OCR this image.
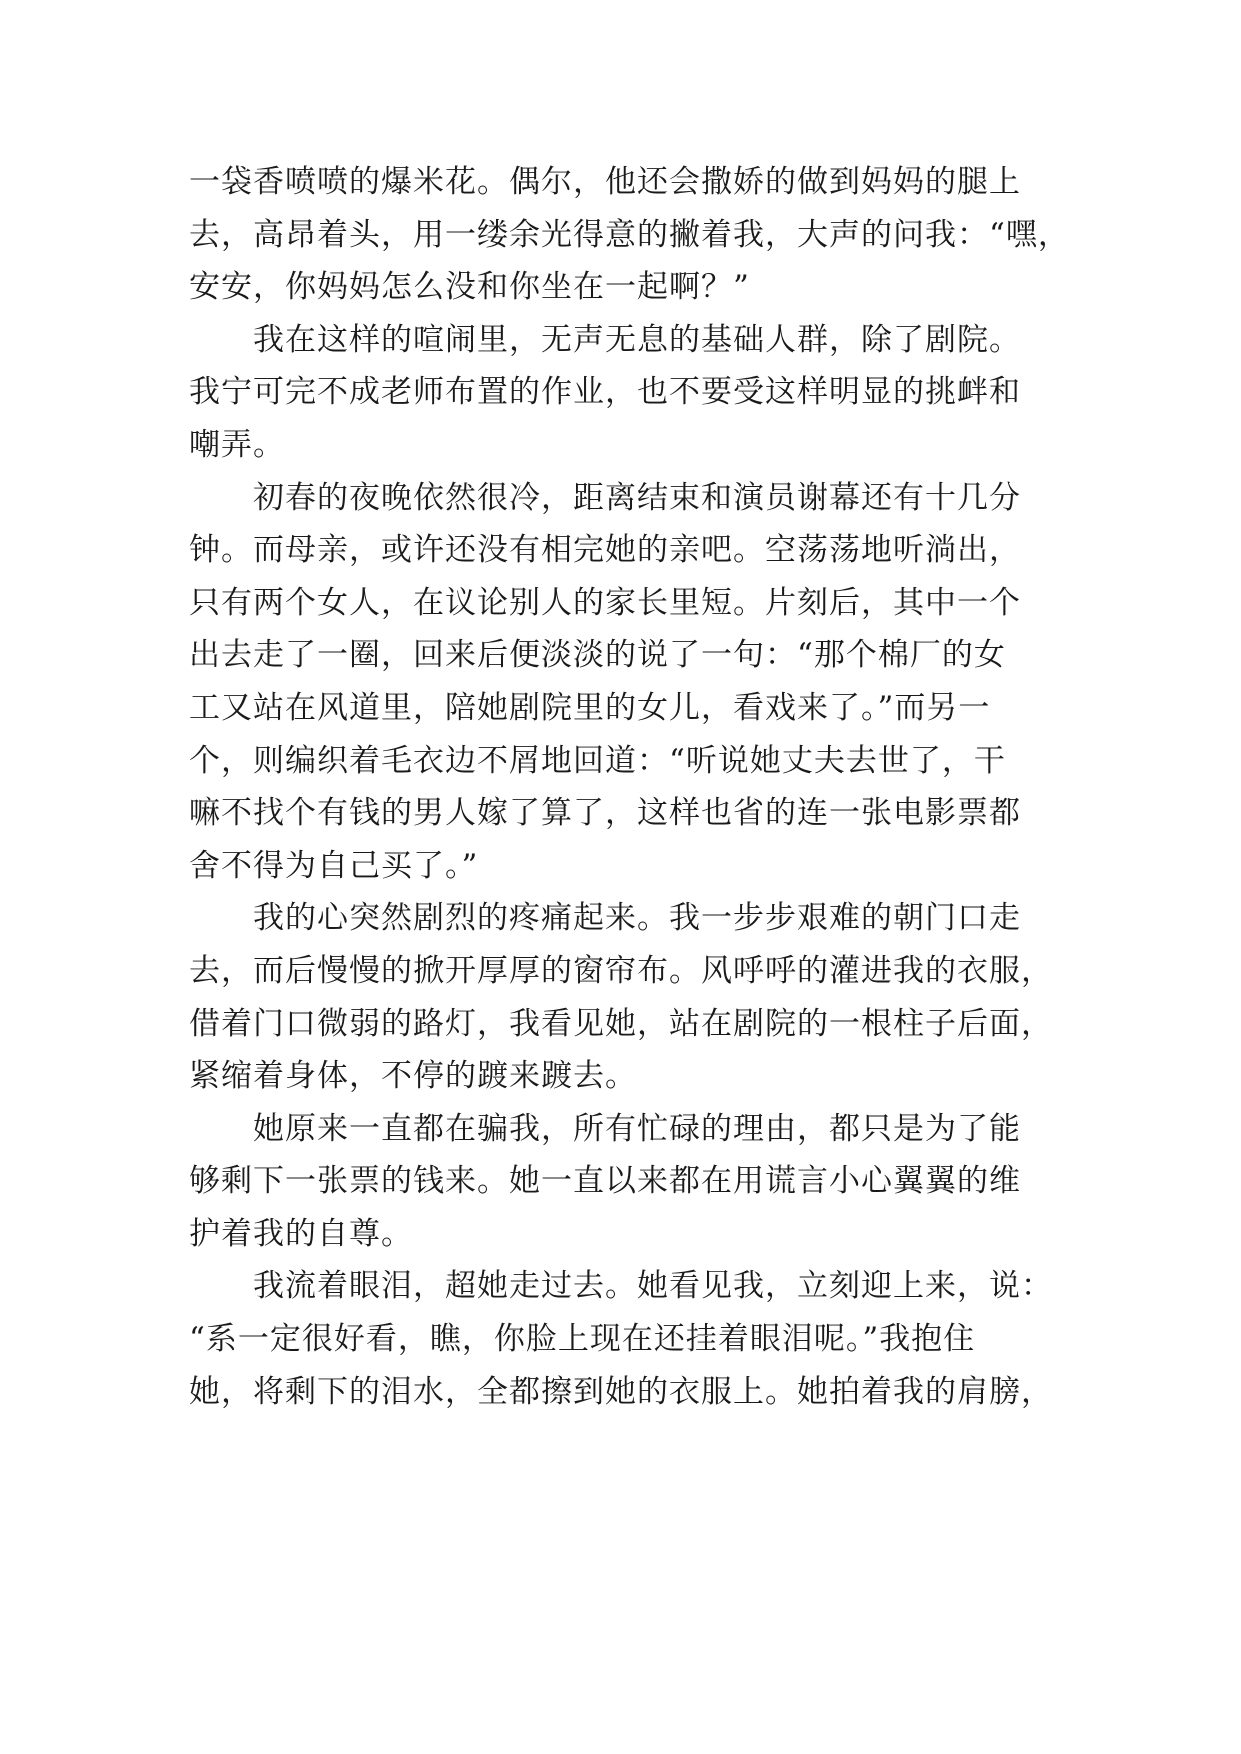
一袋香喷喷的爆米花。偶尔，他还会撒娇的做到妈妈的腿上
去，高昂着头，用一缕余光得意的撇着我，大声的问我：“嘿，
安安，你妈妈怎么没和你坐在一起啊？”
我在这样的喧闹里，无声无息的基础人群，除了剧院。
我宁可完不成老师布置的作业，也不要受这样明显的挑衅和
嘲弄。
初春的夜晚依然很冷，距离结束和演员谢幕还有十几分
钟。而母亲，或许还没有相完她的亲吧。空荡荡地听淌出，
只有两个女人，在议论别人的家长里短。片刻后，其中一个
出去走了一圈，回来后便淡淡的说了一句：“那个棉厂的女
工又站在风道里，陪她剧院里的女儿，看戏来了。”而另一
个，则编织着毛衣边不屑地回道：“听说她丈夫去世了，干
嘛不找个有钱的男人嫁了算了，这样也省的连一张电影票都
舍不得为自己买了。”
我的心突然剧烈的疼痛起来。我一步步艰难的朝门口走
去，而后慢慢的掀开厚厚的窗帘布。风呼呼的灌进我的衣服，
借着门口微弱的路灯，我看见她，站在剧院的一根柱子后面，
紧缩着身体，不停的踱来踱去。
她原来一直都在骗我，所有忙碌的理由，都只是为了能
够剩下一张票的钱来。她一直以来都在用谎言小心翼翼的维
护着我的自尊。
我流着眼泪，超她走过去。她看见我，立刻迎上来，说：
“系一定很好看，瞧，你脸上现在还挂着眼泪呢。”我抱住
她，将剩下的泪水，全都擦到她的衣服上。她拍着我的肩膀，
